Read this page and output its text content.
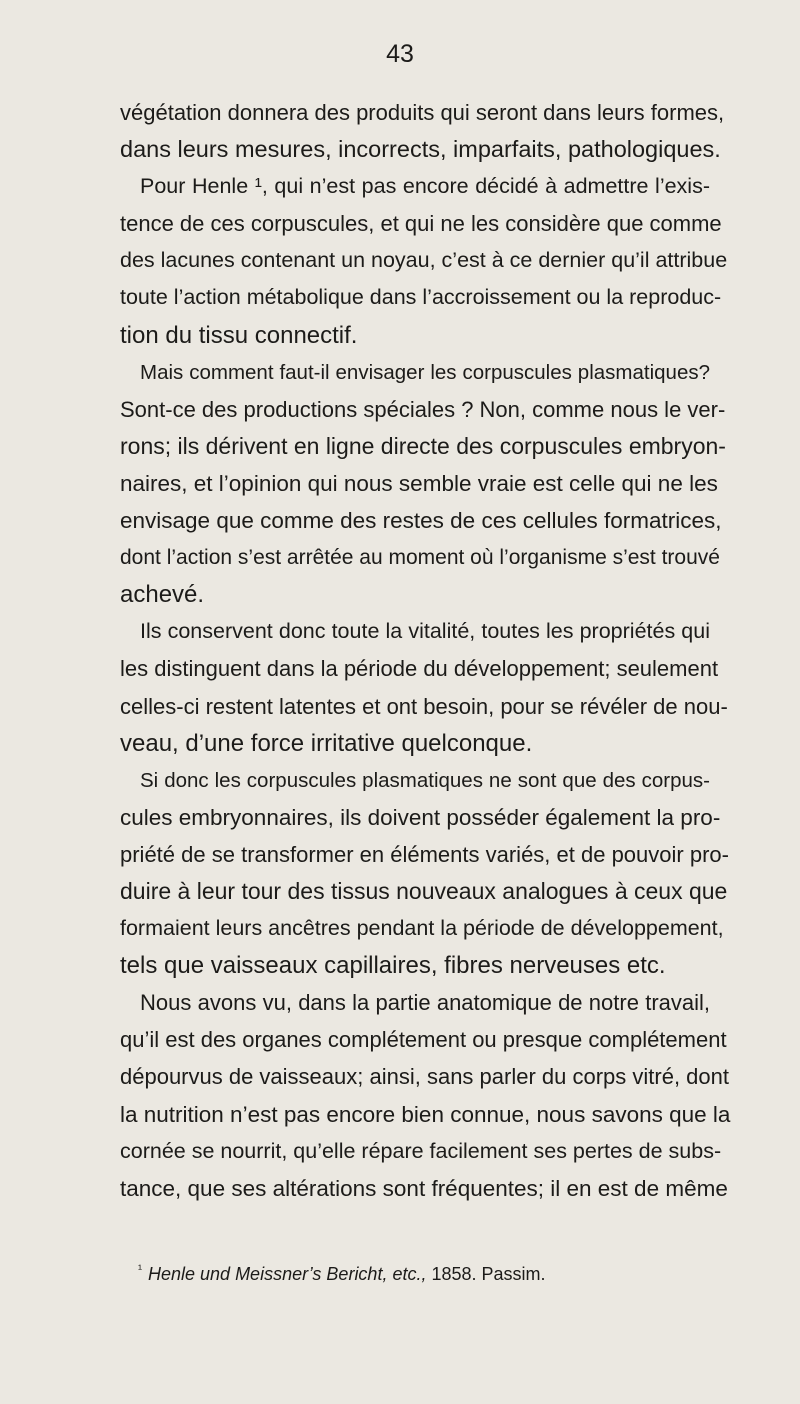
43
végétation donnera des produits qui seront dans leurs formes,
dans leurs mesures, incorrects, imparfaits, pathologiques.
Pour Henle ¹, qui n’est pas encore décidé à admettre l’exis-
tence de ces corpuscules, et qui ne les considère que comme
des lacunes contenant un noyau, c’est à ce dernier qu’il attribue
toute l’action métabolique dans l’accroissement ou la reproduc-
tion du tissu connectif.
Mais comment faut-il envisager les corpuscules plasmatiques?
Sont-ce des productions spéciales ? Non, comme nous le ver-
rons; ils dérivent en ligne directe des corpuscules embryon-
naires, et l’opinion qui nous semble vraie est celle qui ne les
envisage que comme des restes de ces cellules formatrices,
dont l’action s’est arrêtée au moment où l’organisme s’est trouvé
achevé.
Ils conservent donc toute la vitalité, toutes les propriétés qui
les distinguent dans la période du développement; seulement
celles-ci restent latentes et ont besoin, pour se révéler de nou-
veau, d’une force irritative quelconque.
Si donc les corpuscules plasmatiques ne sont que des corpus-
cules embryonnaires, ils doivent posséder également la pro-
priété de se transformer en éléments variés, et de pouvoir pro-
duire à leur tour des tissus nouveaux analogues à ceux que
formaient leurs ancêtres pendant la période de développement,
tels que vaisseaux capillaires, fibres nerveuses etc.
Nous avons vu, dans la partie anatomique de notre travail,
qu’il est des organes complétement ou presque complétement
dépourvus de vaisseaux; ainsi, sans parler du corps vitré, dont
la nutrition n’est pas encore bien connue, nous savons que la
cornée se nourrit, qu’elle répare facilement ses pertes de subs-
tance, que ses altérations sont fréquentes; il en est de même
$^{^1}$ Henle und Meissner’s Bericht, etc., 1858. Passim.
